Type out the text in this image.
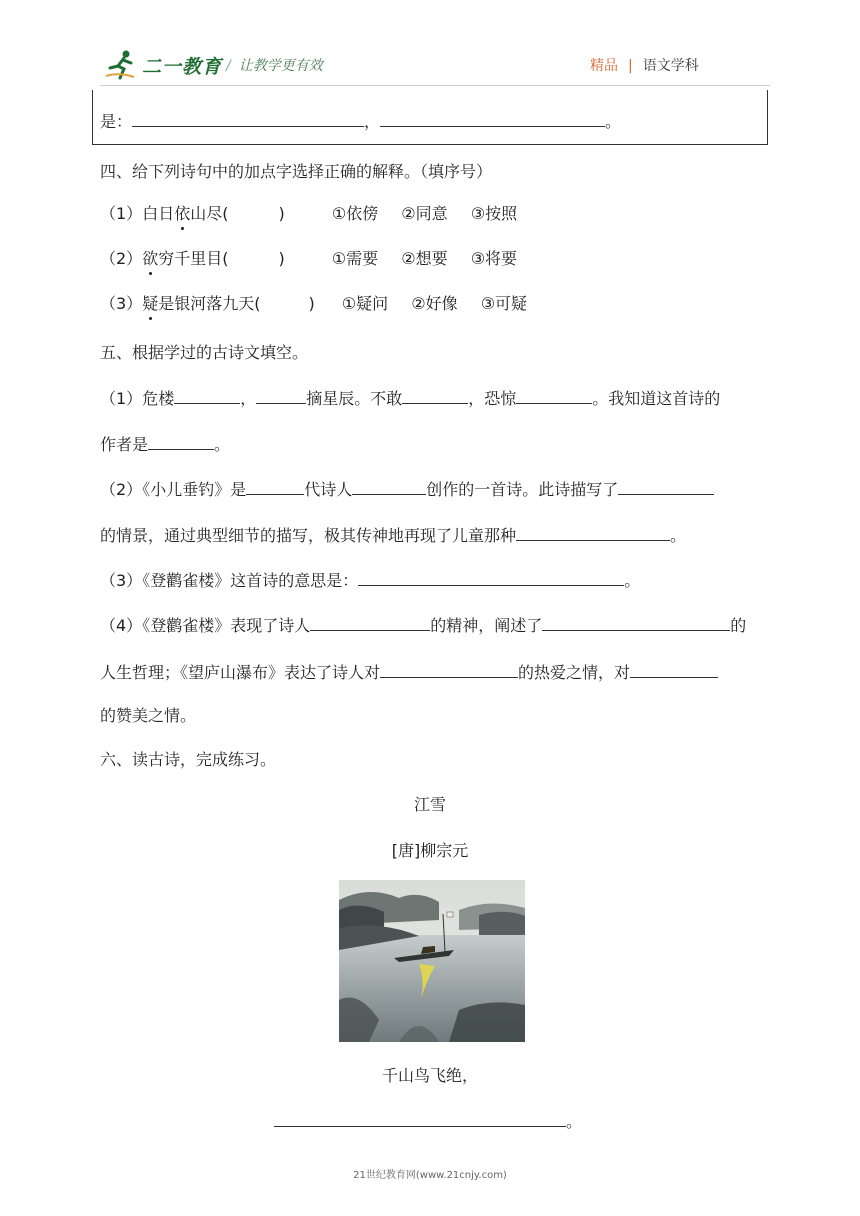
二一教育 / 让教学更有效	精品 | 语文学科
是：	，	。
四、给下列诗句中的加点字选择正确的解释。（填序号）
（1）白日依山尽(	)	①依傍 ②同意 ③按照
（2）欲穷千里目(	)	①需要 ②想要 ③将要
（3）疑是银河落九天(	) ①疑问 ②好像 ③可疑
五、根据学过的古诗文填空。
（1）危楼	，	摘星辰。不敢	，恐惊	。我知道这首诗的
作者是	。
（2）《小儿垂钓》是	代诗人	创作的一首诗。此诗描写了
的情景，通过典型细节的描写，极其传神地再现了儿童那种	。
（3）《登鹳雀楼》这首诗的意思是：	。
（4）《登鹳雀楼》表现了诗人	的精神，阐述了	的
人生哲理；《望庐山瀑布》表达了诗人对	的热爱之情，对
的赞美之情。
六、读古诗，完成练习。
江雪
[唐]柳宗元
千山鸟飞绝，
。
21世纪教育网(www.21cnjy.com)
